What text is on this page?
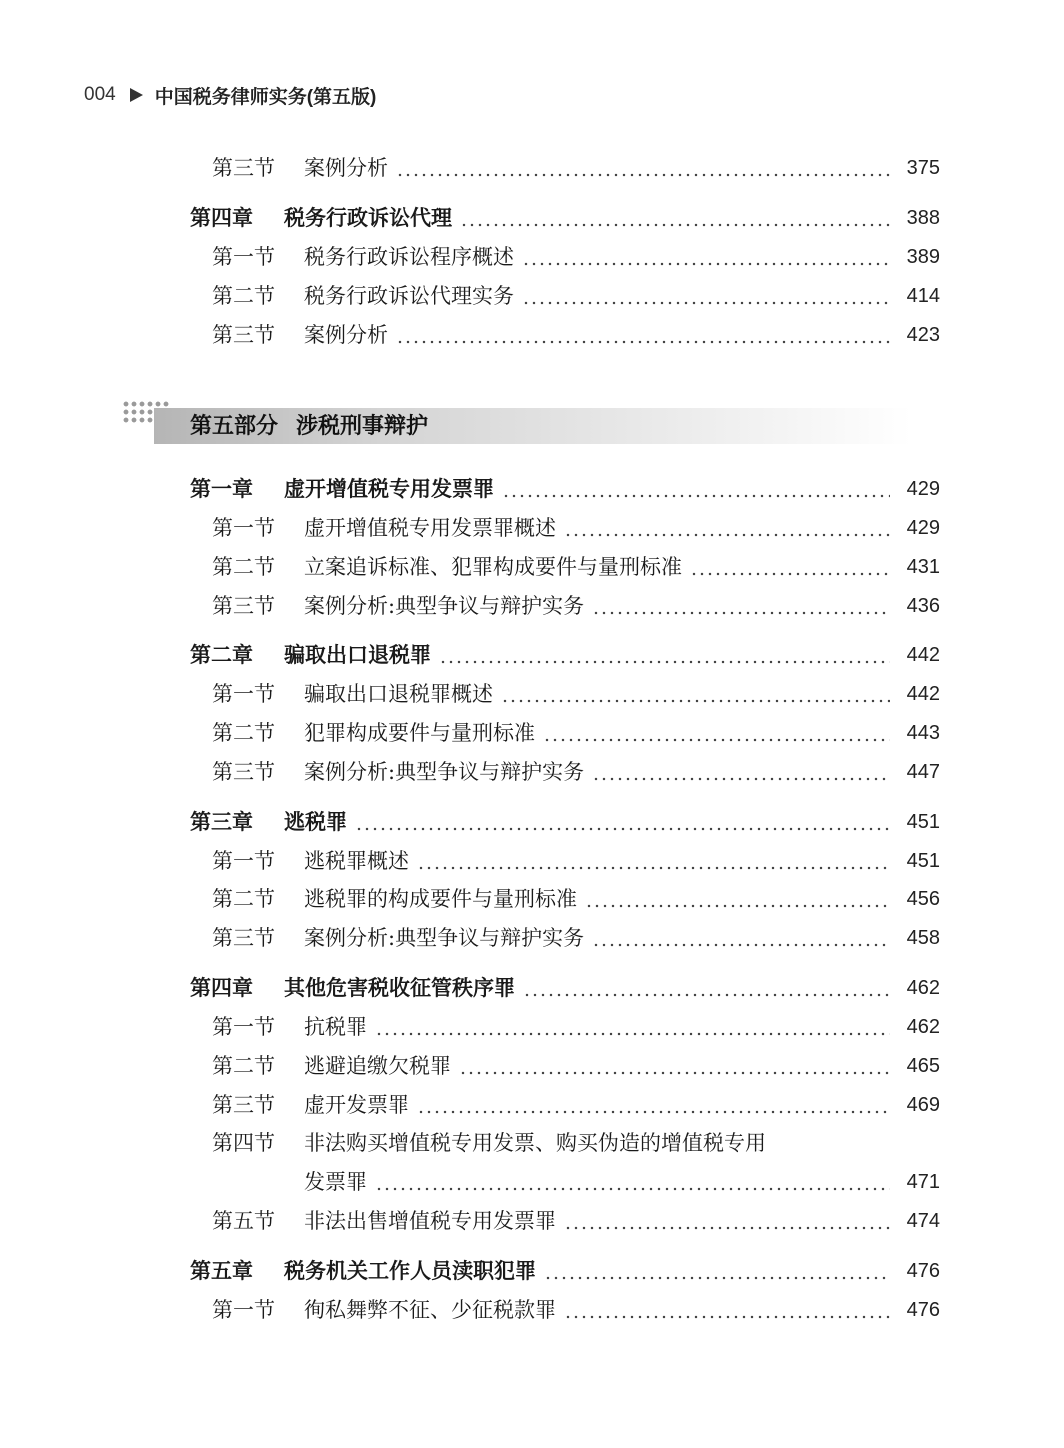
004 中国税务律师实务(第五版)
第三节	案例分析	375
第四章	税务行政诉讼代理	388
第一节	税务行政诉讼程序概述	389
第二节	税务行政诉讼代理实务	414
第三节	案例分析	423
第五部分 涉税刑事辩护
第一章	虚开增值税专用发票罪	429
第一节	虚开增值税专用发票罪概述	429
第二节	立案追诉标准、犯罪构成要件与量刑标准	431
第三节	案例分析:典型争议与辩护实务	436
第二章	骗取出口退税罪	442
第一节	骗取出口退税罪概述	442
第二节	犯罪构成要件与量刑标准	443
第三节	案例分析:典型争议与辩护实务	447
第三章	逃税罪	451
第一节	逃税罪概述	451
第二节	逃税罪的构成要件与量刑标准	456
第三节	案例分析:典型争议与辩护实务	458
第四章	其他危害税收征管秩序罪	462
第一节	抗税罪	462
第二节	逃避追缴欠税罪	465
第三节	虚开发票罪	469
第四节	非法购买增值税专用发票、购买伪造的增值税专用
发票罪	471
第五节	非法出售增值税专用发票罪	474
第五章	税务机关工作人员渎职犯罪	476
第一节	徇私舞弊不征、少征税款罪	476
